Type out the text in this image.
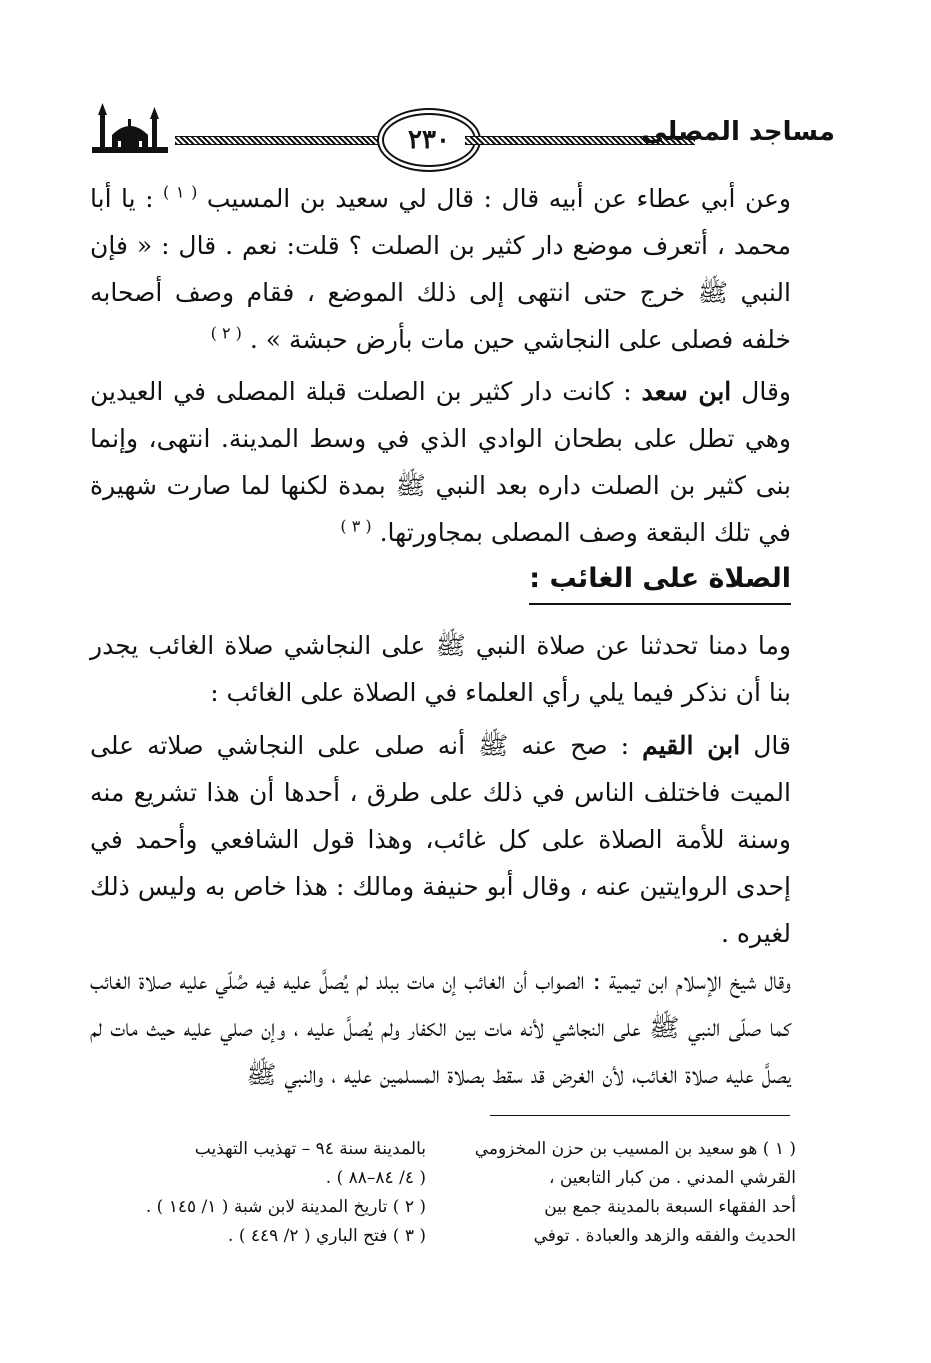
٢٣٠	مساجد المصلى

وعن أبي عطاء عن أبيه قال : قال لي سعيد بن المسيب $^{( ١ )}$ : يا أبا محمد ، أتعرف موضع دار كثير بن الصلت ؟ قلت: نعم . قال : « فإن النبي ﷺ خرج حتى انتهى إلى ذلك الموضع ، فقام وصف أصحابه خلفه فصلى على النجاشي حين مات بأرض حبشة » . $^{( ٢ )}$

وقال ابن سعد : كانت دار كثير بن الصلت قبلة المصلى في العيدين وهي تطل على بطحان الوادي الذي في وسط المدينة. انتهى، وإنما بنى كثير بن الصلت داره بعد النبي ﷺ بمدة لكنها لما صارت شهيرة في تلك البقعة وصف المصلى بمجاورتها. $^{( ٣ )}$

الصلاة على الغائب :

وما دمنا تحدثنا عن صلاة النبي ﷺ على النجاشي صلاة الغائب يجدر بنا أن نذكر فيما يلي رأي العلماء في الصلاة على الغائب :

قال ابن القيم : صح عنه ﷺ أنه صلى على النجاشي صلاته على الميت فاختلف الناس في ذلك على طرق ، أحدها أن هذا تشريع منه وسنة للأمة الصلاة على كل غائب، وهذا قول الشافعي وأحمد في إحدى الروايتين عنه ، وقال أبو حنيفة ومالك : هذا خاص به وليس ذلك لغيره .

وقال شيخ الإسلام ابن تيمية : الصواب أن الغائب إن مات ببلد لم يُصلَّ عليه فيه صُلّي عليه صلاة الغائب كما صلّى النبي ﷺ على النجاشي لأنه مات بين الكفار ولم يُصلَّ عليه ، وإن صلي عليه حيث مات لم يصلَّ عليه صلاة الغائب، لأن الغرض قد سقط بصلاة المسلمين عليه ، والنبي ﷺ

( ١ ) هو سعيد بن المسيب بن حزن المخزومي
القرشي المدني . من كبار التابعين ،
أحد الفقهاء السبعة بالمدينة جمع بين
الحديث والفقه والزهد والعبادة . توفي
بالمدينة سنة ٩٤ – تهذيب التهذيب
( ٤/ ٨٤–٨٨ ) .
( ٢ ) تاريخ المدينة لابن شبة ( ١/ ١٤٥ ) .
( ٣ ) فتح الباري ( ٢/ ٤٤٩ ) .
